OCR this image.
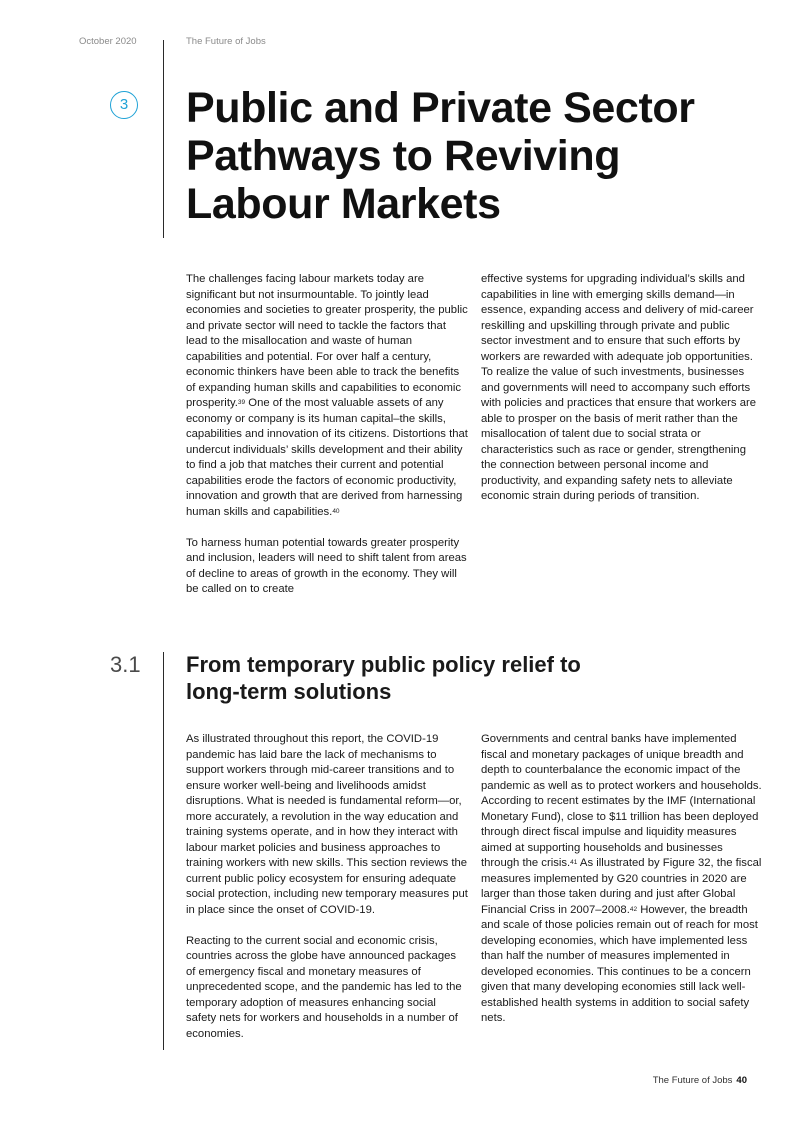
October 2020	The Future of Jobs
3 Public and Private Sector Pathways to Reviving Labour Markets

The challenges facing labour markets today are significant but not insurmountable. To jointly lead economies and societies to greater prosperity, the public and private sector will need to tackle the factors that lead to the misallocation and waste of human capabilities and potential. For over half a century, economic thinkers have been able to track the benefits of expanding human skills and capabilities to economic prosperity.$^{39}$ One of the most valuable assets of any economy or company is its human capital–the skills, capabilities and innovation of its citizens. Distortions that undercut individuals’ skills development and their ability to find a job that matches their current and potential capabilities erode the factors of economic productivity, innovation and growth that are derived from harnessing human skills and capabilities.$^{40}$

To harness human potential towards greater prosperity and inclusion, leaders will need to shift talent from areas of decline to areas of growth in the economy. They will be called on to create

effective systems for upgrading individual’s skills and capabilities in line with emerging skills demand—in essence, expanding access and delivery of mid-career reskilling and upskilling through private and public sector investment and to ensure that such efforts by workers are rewarded with adequate job opportunities. To realize the value of such investments, businesses and governments will need to accompany such efforts with policies and practices that ensure that workers are able to prosper on the basis of merit rather than the misallocation of talent due to social strata or characteristics such as race or gender, strengthening the connection between personal income and productivity, and expanding safety nets to alleviate economic strain during periods of transition.

3.1 From temporary public policy relief to long-term solutions

As illustrated throughout this report, the COVID-19 pandemic has laid bare the lack of mechanisms to support workers through mid-career transitions and to ensure worker well-being and livelihoods amidst disruptions. What is needed is fundamental reform—or, more accurately, a revolution in the way education and training systems operate, and in how they interact with labour market policies and business approaches to training workers with new skills. This section reviews the current public policy ecosystem for ensuring adequate social protection, including new temporary measures put in place since the onset of COVID-19.

Reacting to the current social and economic crisis, countries across the globe have announced packages of emergency fiscal and monetary measures of unprecedented scope, and the pandemic has led to the temporary adoption of measures enhancing social safety nets for workers and households in a number of economies.

Governments and central banks have implemented fiscal and monetary packages of unique breadth and depth to counterbalance the economic impact of the pandemic as well as to protect workers and households. According to recent estimates by the IMF (International Monetary Fund), close to $11 trillion has been deployed through direct fiscal impulse and liquidity measures aimed at supporting households and businesses through the crisis.$^{41}$ As illustrated by Figure 32, the fiscal measures implemented by G20 countries in 2020 are larger than those taken during and just after Global Financial Criss in 2007–2008.42 However, the breadth and scale of those policies remain out of reach for most developing economies, which have implemented less than half the number of measures implemented in developed economies. This continues to be a concern given that many developing economies still lack well-established health systems in addition to social safety nets.

The Future of Jobs 40
